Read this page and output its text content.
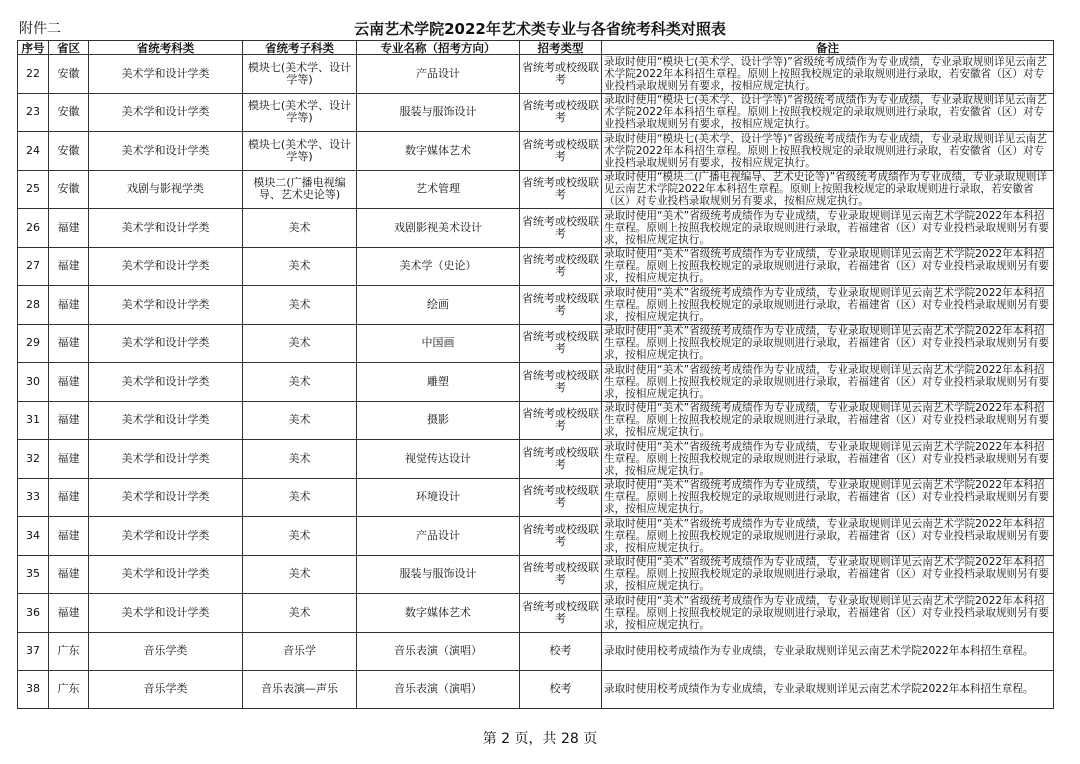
附件二	云南艺术学院2022年艺术类专业与各省统考科类对照表
序号	省区	省统考科类	省统考子科类	专业名称（招考方向）	招考类型	备注
22	安徽	美术学和设计学类	模块七(美术学、设计学等)	产品设计	省统考或校级联考	录取时使用“模块七(美术学、设计学等)”省级统考成绩作为专业成绩，专业录取规则详见云南艺术学院2022年本科招生章程。原则上按照我校规定的录取规则进行录取，若安徽省（区）对专业投档录取规则另有要求，按相应规定执行。
23	安徽	美术学和设计学类	模块七(美术学、设计学等)	服装与服饰设计	省统考或校级联考	录取时使用“模块七(美术学、设计学等)”省级统考成绩作为专业成绩，专业录取规则详见云南艺术学院2022年本科招生章程。原则上按照我校规定的录取规则进行录取，若安徽省（区）对专业投档录取规则另有要求，按相应规定执行。
24	安徽	美术学和设计学类	模块七(美术学、设计学等)	数字媒体艺术	省统考或校级联考	录取时使用“模块七(美术学、设计学等)”省级统考成绩作为专业成绩，专业录取规则详见云南艺术学院2022年本科招生章程。原则上按照我校规定的录取规则进行录取，若安徽省（区）对专业投档录取规则另有要求，按相应规定执行。
25	安徽	戏剧与影视学类	模块二(广播电视编导、艺术史论等)	艺术管理	省统考或校级联考	录取时使用“模块二(广播电视编导、艺术史论等)”省级统考成绩作为专业成绩，专业录取规则详见云南艺术学院2022年本科招生章程。原则上按照我校规定的录取规则进行录取，若安徽省（区）对专业投档录取规则另有要求，按相应规定执行。
26	福建	美术学和设计学类	美术	戏剧影视美术设计	省统考或校级联考	录取时使用“美术”省级统考成绩作为专业成绩，专业录取规则详见云南艺术学院2022年本科招生章程。原则上按照我校规定的录取规则进行录取，若福建省（区）对专业投档录取规则另有要求，按相应规定执行。
27	福建	美术学和设计学类	美术	美术学（史论）	省统考或校级联考	录取时使用“美术”省级统考成绩作为专业成绩，专业录取规则详见云南艺术学院2022年本科招生章程。原则上按照我校规定的录取规则进行录取，若福建省（区）对专业投档录取规则另有要求，按相应规定执行。
28	福建	美术学和设计学类	美术	绘画	省统考或校级联考	录取时使用“美术”省级统考成绩作为专业成绩，专业录取规则详见云南艺术学院2022年本科招生章程。原则上按照我校规定的录取规则进行录取，若福建省（区）对专业投档录取规则另有要求，按相应规定执行。
29	福建	美术学和设计学类	美术	中国画	省统考或校级联考	录取时使用“美术”省级统考成绩作为专业成绩，专业录取规则详见云南艺术学院2022年本科招生章程。原则上按照我校规定的录取规则进行录取，若福建省（区）对专业投档录取规则另有要求，按相应规定执行。
30	福建	美术学和设计学类	美术	雕塑	省统考或校级联考	录取时使用“美术”省级统考成绩作为专业成绩，专业录取规则详见云南艺术学院2022年本科招生章程。原则上按照我校规定的录取规则进行录取，若福建省（区）对专业投档录取规则另有要求，按相应规定执行。
31	福建	美术学和设计学类	美术	摄影	省统考或校级联考	录取时使用“美术”省级统考成绩作为专业成绩，专业录取规则详见云南艺术学院2022年本科招生章程。原则上按照我校规定的录取规则进行录取，若福建省（区）对专业投档录取规则另有要求，按相应规定执行。
32	福建	美术学和设计学类	美术	视觉传达设计	省统考或校级联考	录取时使用“美术”省级统考成绩作为专业成绩，专业录取规则详见云南艺术学院2022年本科招生章程。原则上按照我校规定的录取规则进行录取，若福建省（区）对专业投档录取规则另有要求，按相应规定执行。
33	福建	美术学和设计学类	美术	环境设计	省统考或校级联考	录取时使用“美术”省级统考成绩作为专业成绩，专业录取规则详见云南艺术学院2022年本科招生章程。原则上按照我校规定的录取规则进行录取，若福建省（区）对专业投档录取规则另有要求，按相应规定执行。
34	福建	美术学和设计学类	美术	产品设计	省统考或校级联考	录取时使用“美术”省级统考成绩作为专业成绩，专业录取规则详见云南艺术学院2022年本科招生章程。原则上按照我校规定的录取规则进行录取，若福建省（区）对专业投档录取规则另有要求，按相应规定执行。
35	福建	美术学和设计学类	美术	服装与服饰设计	省统考或校级联考	录取时使用“美术”省级统考成绩作为专业成绩，专业录取规则详见云南艺术学院2022年本科招生章程。原则上按照我校规定的录取规则进行录取，若福建省（区）对专业投档录取规则另有要求，按相应规定执行。
36	福建	美术学和设计学类	美术	数字媒体艺术	省统考或校级联考	录取时使用“美术”省级统考成绩作为专业成绩，专业录取规则详见云南艺术学院2022年本科招生章程。原则上按照我校规定的录取规则进行录取，若福建省（区）对专业投档录取规则另有要求，按相应规定执行。
37	广东	音乐学类	音乐学	音乐表演（演唱）	校考	录取时使用校考成绩作为专业成绩，专业录取规则详见云南艺术学院2022年本科招生章程。
38	广东	音乐学类	音乐表演—声乐	音乐表演（演唱）	校考	录取时使用校考成绩作为专业成绩，专业录取规则详见云南艺术学院2022年本科招生章程。
第 2 页，共 28 页
